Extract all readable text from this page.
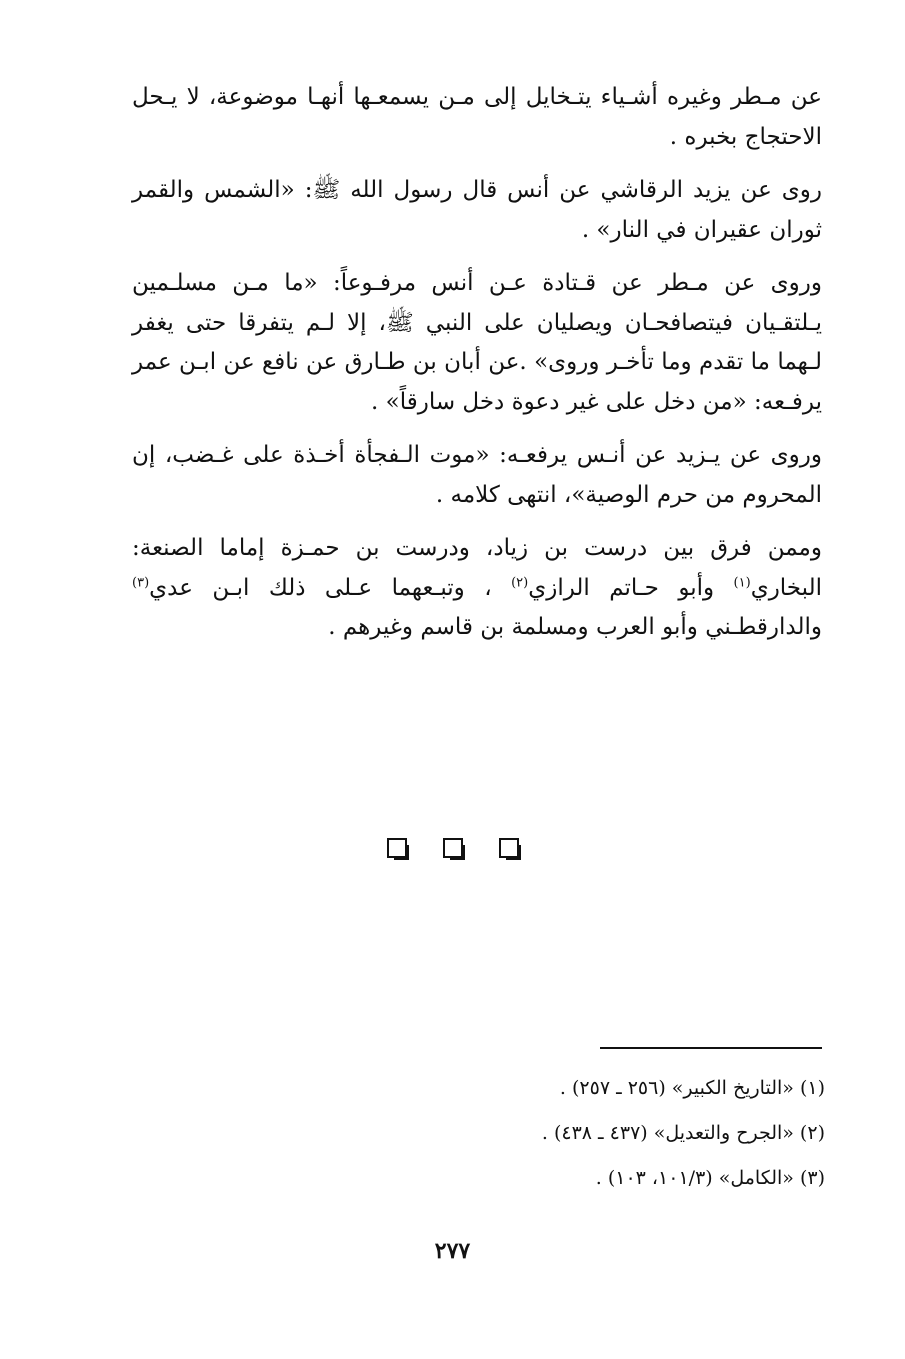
عن مـطر وغيره أشـياء يتـخايل إلى مـن يسمعـها أنهـا موضوعة، لا يـحل الاحتجاج بخبره .

روى عن يزيد الرقاشي عن أنس قال رسول الله ﷺ: «الشمس والقمر ثوران عقيران في النار» .

وروى عن مـطر عن قـتادة عـن أنس مرفـوعاً: «ما مـن مسلـمين يـلتقـيان فيتصافحـان ويصليان على النبي ﷺ، إلا لـم يتفرقا حتى يغفر لـهما ما تقدم وما تأخـر وروى» .عن أبان بن طـارق عن نافع عن ابـن عمر يرفـعه: «من دخل على غير دعوة دخل سارقاً» .

وروى عن يـزيد عن أنـس يرفعـه: «موت الـفجأة أخـذة على غـضب، إن المحروم من حرم الوصية»، انتهى كلامه .

وممن فرق بين درست بن زياد، ودرست بن حمـزة إماما الصنعة: البخاري$^{(١)}$ وأبو حـاتم الرازي$^{(٢)}$ ، وتبـعهما عـلى ذلك ابـن عدي$^{(٣)}$ والدارقطـني وأبو العرب ومسلمة بن قاسم وغيرهم .

(١) «التاريخ الكبير» (٢٥٦ ـ ٢٥٧) .

(٢) «الجرح والتعديل» (٤٣٧ ـ ٤٣٨) .

(٣) «الكامل» (١٠١/٣، ١٠٣) .

٢٧٧
